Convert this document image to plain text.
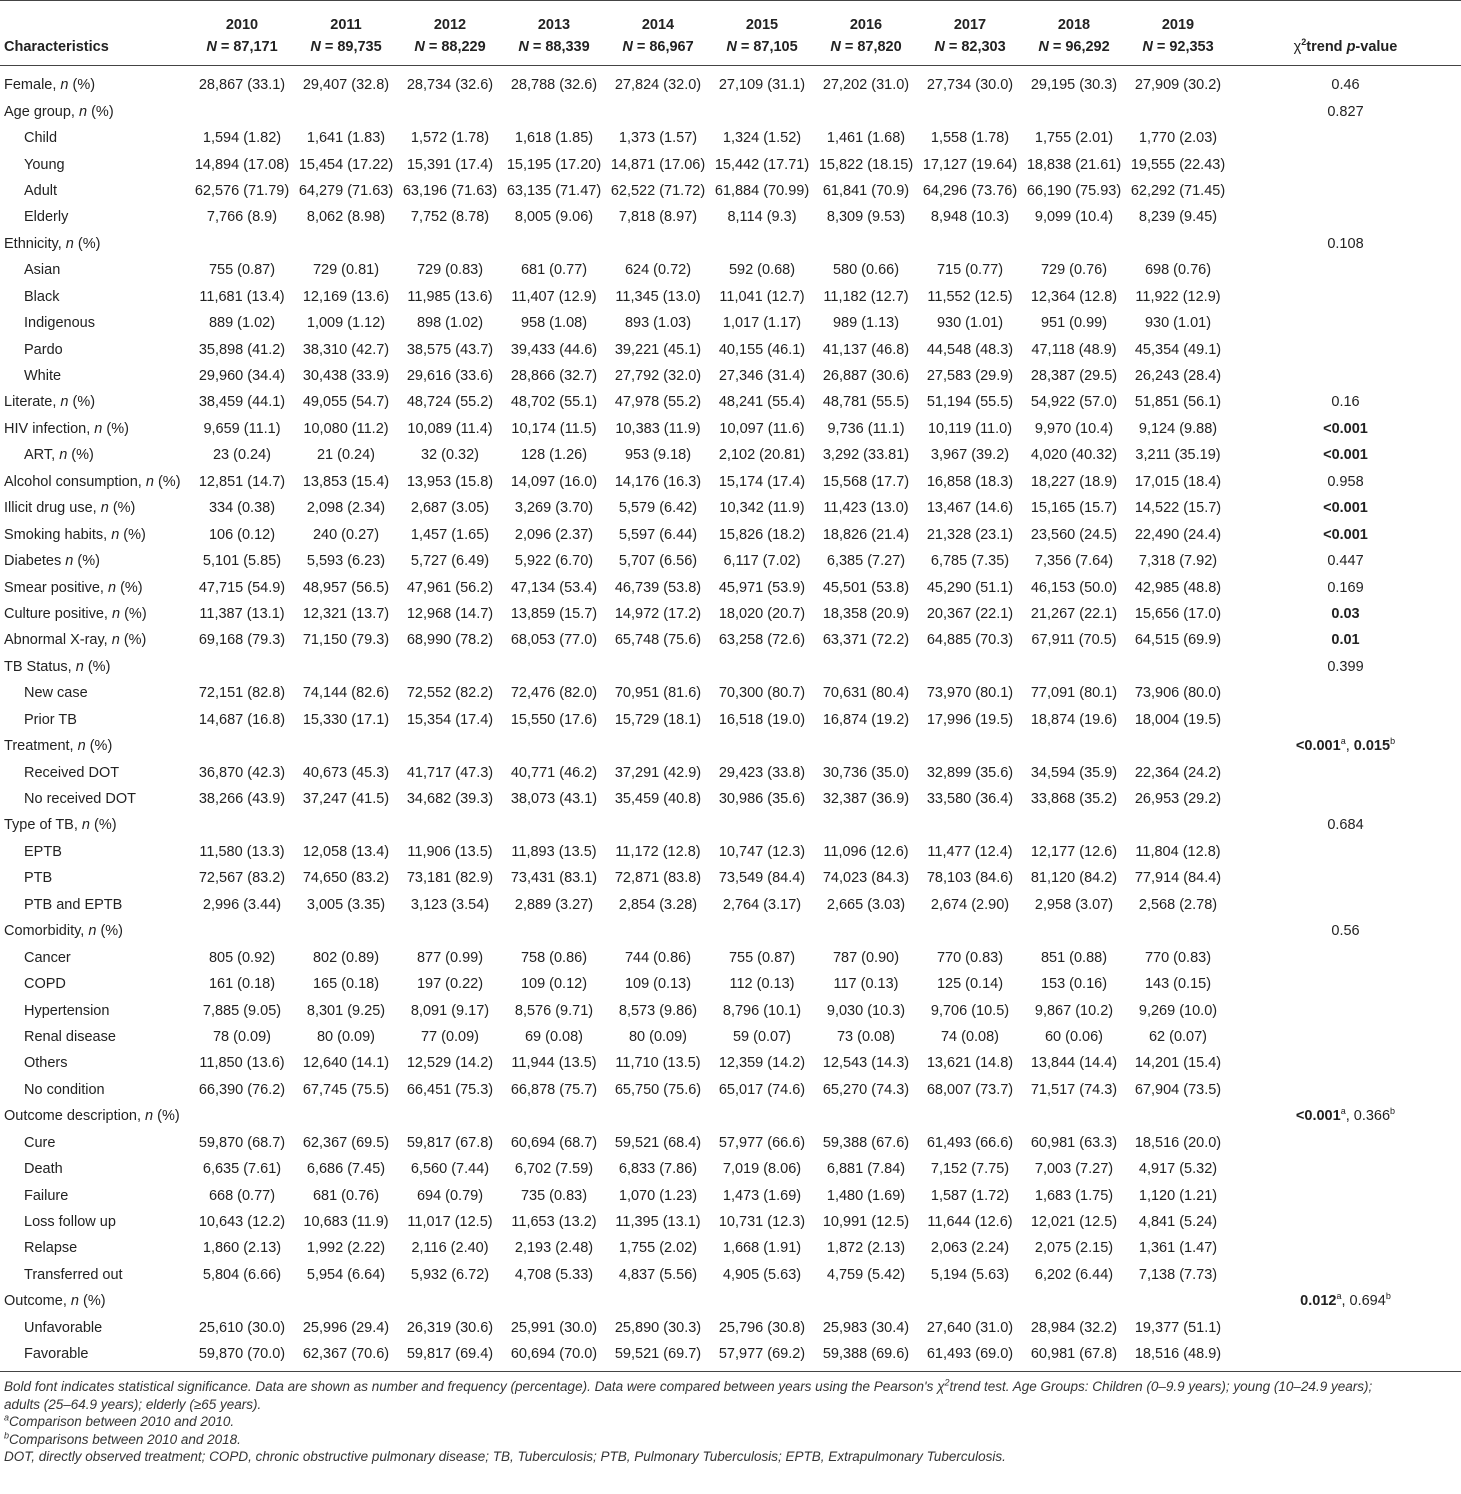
	2010	2011	2012	2013	2014	2015	2016	2017	2018	2019	
Characteristics	N = 87,171	N = 89,735	N = 88,229	N = 88,339	N = 86,967	N = 87,105	N = 87,820	N = 82,303	N = 96,292	N = 92,353	$\chi^2trend$ p-value
Female, n (%)	28,867 (33.1)	29,407 (32.8)	28,734 (32.6)	28,788 (32.6)	27,824 (32.0)	27,109 (31.1)	27,202 (31.0)	27,734 (30.0)	29,195 (30.3)	27,909 (30.2)	0.46
Age group, n (%)											0.827
Child	1,594 (1.82)	1,641 (1.83)	1,572 (1.78)	1,618 (1.85)	1,373 (1.57)	1,324 (1.52)	1,461 (1.68)	1,558 (1.78)	1,755 (2.01)	1,770 (2.03)	
Young	14,894 (17.08)	15,454 (17.22)	15,391 (17.4)	15,195 (17.20)	14,871 (17.06)	15,442 (17.71)	15,822 (18.15)	17,127 (19.64)	18,838 (21.61)	19,555 (22.43)	
Adult	62,576 (71.79)	64,279 (71.63)	63,196 (71.63)	63,135 (71.47)	62,522 (71.72)	61,884 (70.99)	61,841 (70.9)	64,296 (73.76)	66,190 (75.93)	62,292 (71.45)	
Elderly	7,766 (8.9)	8,062 (8.98)	7,752 (8.78)	8,005 (9.06)	7,818 (8.97)	8,114 (9.3)	8,309 (9.53)	8,948 (10.3)	9,099 (10.4)	8,239 (9.45)	
Ethnicity, n (%)											0.108
Asian	755 (0.87)	729 (0.81)	729 (0.83)	681 (0.77)	624 (0.72)	592 (0.68)	580 (0.66)	715 (0.77)	729 (0.76)	698 (0.76)	
Black	11,681 (13.4)	12,169 (13.6)	11,985 (13.6)	11,407 (12.9)	11,345 (13.0)	11,041 (12.7)	11,182 (12.7)	11,552 (12.5)	12,364 (12.8)	11,922 (12.9)	
Indigenous	889 (1.02)	1,009 (1.12)	898 (1.02)	958 (1.08)	893 (1.03)	1,017 (1.17)	989 (1.13)	930 (1.01)	951 (0.99)	930 (1.01)	
Pardo	35,898 (41.2)	38,310 (42.7)	38,575 (43.7)	39,433 (44.6)	39,221 (45.1)	40,155 (46.1)	41,137 (46.8)	44,548 (48.3)	47,118 (48.9)	45,354 (49.1)	
White	29,960 (34.4)	30,438 (33.9)	29,616 (33.6)	28,866 (32.7)	27,792 (32.0)	27,346 (31.4)	26,887 (30.6)	27,583 (29.9)	28,387 (29.5)	26,243 (28.4)	
Literate, n (%)	38,459 (44.1)	49,055 (54.7)	48,724 (55.2)	48,702 (55.1)	47,978 (55.2)	48,241 (55.4)	48,781 (55.5)	51,194 (55.5)	54,922 (57.0)	51,851 (56.1)	0.16
HIV infection, n (%)	9,659 (11.1)	10,080 (11.2)	10,089 (11.4)	10,174 (11.5)	10,383 (11.9)	10,097 (11.6)	9,736 (11.1)	10,119 (11.0)	9,970 (10.4)	9,124 (9.88)	<0.001
ART, n (%)	23 (0.24)	21 (0.24)	32 (0.32)	128 (1.26)	953 (9.18)	2,102 (20.81)	3,292 (33.81)	3,967 (39.2)	4,020 (40.32)	3,211 (35.19)	<0.001
Alcohol consumption, n (%)	12,851 (14.7)	13,853 (15.4)	13,953 (15.8)	14,097 (16.0)	14,176 (16.3)	15,174 (17.4)	15,568 (17.7)	16,858 (18.3)	18,227 (18.9)	17,015 (18.4)	0.958
Illicit drug use, n (%)	334 (0.38)	2,098 (2.34)	2,687 (3.05)	3,269 (3.70)	5,579 (6.42)	10,342 (11.9)	11,423 (13.0)	13,467 (14.6)	15,165 (15.7)	14,522 (15.7)	<0.001
Smoking habits, n (%)	106 (0.12)	240 (0.27)	1,457 (1.65)	2,096 (2.37)	5,597 (6.44)	15,826 (18.2)	18,826 (21.4)	21,328 (23.1)	23,560 (24.5)	22,490 (24.4)	<0.001
Diabetes n (%)	5,101 (5.85)	5,593 (6.23)	5,727 (6.49)	5,922 (6.70)	5,707 (6.56)	6,117 (7.02)	6,385 (7.27)	6,785 (7.35)	7,356 (7.64)	7,318 (7.92)	0.447
Smear positive, n (%)	47,715 (54.9)	48,957 (56.5)	47,961 (56.2)	47,134 (53.4)	46,739 (53.8)	45,971 (53.9)	45,501 (53.8)	45,290 (51.1)	46,153 (50.0)	42,985 (48.8)	0.169
Culture positive, n (%)	11,387 (13.1)	12,321 (13.7)	12,968 (14.7)	13,859 (15.7)	14,972 (17.2)	18,020 (20.7)	18,358 (20.9)	20,367 (22.1)	21,267 (22.1)	15,656 (17.0)	0.03
Abnormal X-ray, n (%)	69,168 (79.3)	71,150 (79.3)	68,990 (78.2)	68,053 (77.0)	65,748 (75.6)	63,258 (72.6)	63,371 (72.2)	64,885 (70.3)	67,911 (70.5)	64,515 (69.9)	0.01
TB Status, n (%)											0.399
New case	72,151 (82.8)	74,144 (82.6)	72,552 (82.2)	72,476 (82.0)	70,951 (81.6)	70,300 (80.7)	70,631 (80.4)	73,970 (80.1)	77,091 (80.1)	73,906 (80.0)	
Prior TB	14,687 (16.8)	15,330 (17.1)	15,354 (17.4)	15,550 (17.6)	15,729 (18.1)	16,518 (19.0)	16,874 (19.2)	17,996 (19.5)	18,874 (19.6)	18,004 (19.5)	
Treatment, n (%)											<0.001$^a$, 0.015$^b$
Received DOT	36,870 (42.3)	40,673 (45.3)	41,717 (47.3)	40,771 (46.2)	37,291 (42.9)	29,423 (33.8)	30,736 (35.0)	32,899 (35.6)	34,594 (35.9)	22,364 (24.2)	
No received DOT	38,266 (43.9)	37,247 (41.5)	34,682 (39.3)	38,073 (43.1)	35,459 (40.8)	30,986 (35.6)	32,387 (36.9)	33,580 (36.4)	33,868 (35.2)	26,953 (29.2)	
Type of TB, n (%)											0.684
EPTB	11,580 (13.3)	12,058 (13.4)	11,906 (13.5)	11,893 (13.5)	11,172 (12.8)	10,747 (12.3)	11,096 (12.6)	11,477 (12.4)	12,177 (12.6)	11,804 (12.8)	
PTB	72,567 (83.2)	74,650 (83.2)	73,181 (82.9)	73,431 (83.1)	72,871 (83.8)	73,549 (84.4)	74,023 (84.3)	78,103 (84.6)	81,120 (84.2)	77,914 (84.4)	
PTB and EPTB	2,996 (3.44)	3,005 (3.35)	3,123 (3.54)	2,889 (3.27)	2,854 (3.28)	2,764 (3.17)	2,665 (3.03)	2,674 (2.90)	2,958 (3.07)	2,568 (2.78)	
Comorbidity, n (%)											0.56
Cancer	805 (0.92)	802 (0.89)	877 (0.99)	758 (0.86)	744 (0.86)	755 (0.87)	787 (0.90)	770 (0.83)	851 (0.88)	770 (0.83)	
COPD	161 (0.18)	165 (0.18)	197 (0.22)	109 (0.12)	109 (0.13)	112 (0.13)	117 (0.13)	125 (0.14)	153 (0.16)	143 (0.15)	
Hypertension	7,885 (9.05)	8,301 (9.25)	8,091 (9.17)	8,576 (9.71)	8,573 (9.86)	8,796 (10.1)	9,030 (10.3)	9,706 (10.5)	9,867 (10.2)	9,269 (10.0)	
Renal disease	78 (0.09)	80 (0.09)	77 (0.09)	69 (0.08)	80 (0.09)	59 (0.07)	73 (0.08)	74 (0.08)	60 (0.06)	62 (0.07)	
Others	11,850 (13.6)	12,640 (14.1)	12,529 (14.2)	11,944 (13.5)	11,710 (13.5)	12,359 (14.2)	12,543 (14.3)	13,621 (14.8)	13,844 (14.4)	14,201 (15.4)	
No condition	66,390 (76.2)	67,745 (75.5)	66,451 (75.3)	66,878 (75.7)	65,750 (75.6)	65,017 (74.6)	65,270 (74.3)	68,007 (73.7)	71,517 (74.3)	67,904 (73.5)	
Outcome description, n (%)											<0.001$^a$, 0.366$^b$
Cure	59,870 (68.7)	62,367 (69.5)	59,817 (67.8)	60,694 (68.7)	59,521 (68.4)	57,977 (66.6)	59,388 (67.6)	61,493 (66.6)	60,981 (63.3)	18,516 (20.0)	
Death	6,635 (7.61)	6,686 (7.45)	6,560 (7.44)	6,702 (7.59)	6,833 (7.86)	7,019 (8.06)	6,881 (7.84)	7,152 (7.75)	7,003 (7.27)	4,917 (5.32)	
Failure	668 (0.77)	681 (0.76)	694 (0.79)	735 (0.83)	1,070 (1.23)	1,473 (1.69)	1,480 (1.69)	1,587 (1.72)	1,683 (1.75)	1,120 (1.21)	
Loss follow up	10,643 (12.2)	10,683 (11.9)	11,017 (12.5)	11,653 (13.2)	11,395 (13.1)	10,731 (12.3)	10,991 (12.5)	11,644 (12.6)	12,021 (12.5)	4,841 (5.24)	
Relapse	1,860 (2.13)	1,992 (2.22)	2,116 (2.40)	2,193 (2.48)	1,755 (2.02)	1,668 (1.91)	1,872 (2.13)	2,063 (2.24)	2,075 (2.15)	1,361 (1.47)	
Transferred out	5,804 (6.66)	5,954 (6.64)	5,932 (6.72)	4,708 (5.33)	4,837 (5.56)	4,905 (5.63)	4,759 (5.42)	5,194 (5.63)	6,202 (6.44)	7,138 (7.73)	
Outcome, n (%)											0.012$^a$, 0.694$^b$
Unfavorable	25,610 (30.0)	25,996 (29.4)	26,319 (30.6)	25,991 (30.0)	25,890 (30.3)	25,796 (30.8)	25,983 (30.4)	27,640 (31.0)	28,984 (32.2)	19,377 (51.1)	
Favorable	59,870 (70.0)	62,367 (70.6)	59,817 (69.4)	60,694 (70.0)	59,521 (69.7)	57,977 (69.2)	59,388 (69.6)	61,493 (69.0)	60,981 (67.8)	18,516 (48.9)	

Bold font indicates statistical significance. Data are shown as number and frequency (percentage). Data were compared between years using the Pearson's $\chi^2trend$ test. Age Groups: Children (0–9.9 years); young (10–24.9 years);

adults (25–64.9 years); elderly (≥65 years).

$^a$Comparison between 2010 and 2010.

$^b$Comparisons between 2010 and 2018.

DOT, directly observed treatment; COPD, chronic obstructive pulmonary disease; TB, Tuberculosis; PTB, Pulmonary Tuberculosis; EPTB, Extrapulmonary Tuberculosis.
